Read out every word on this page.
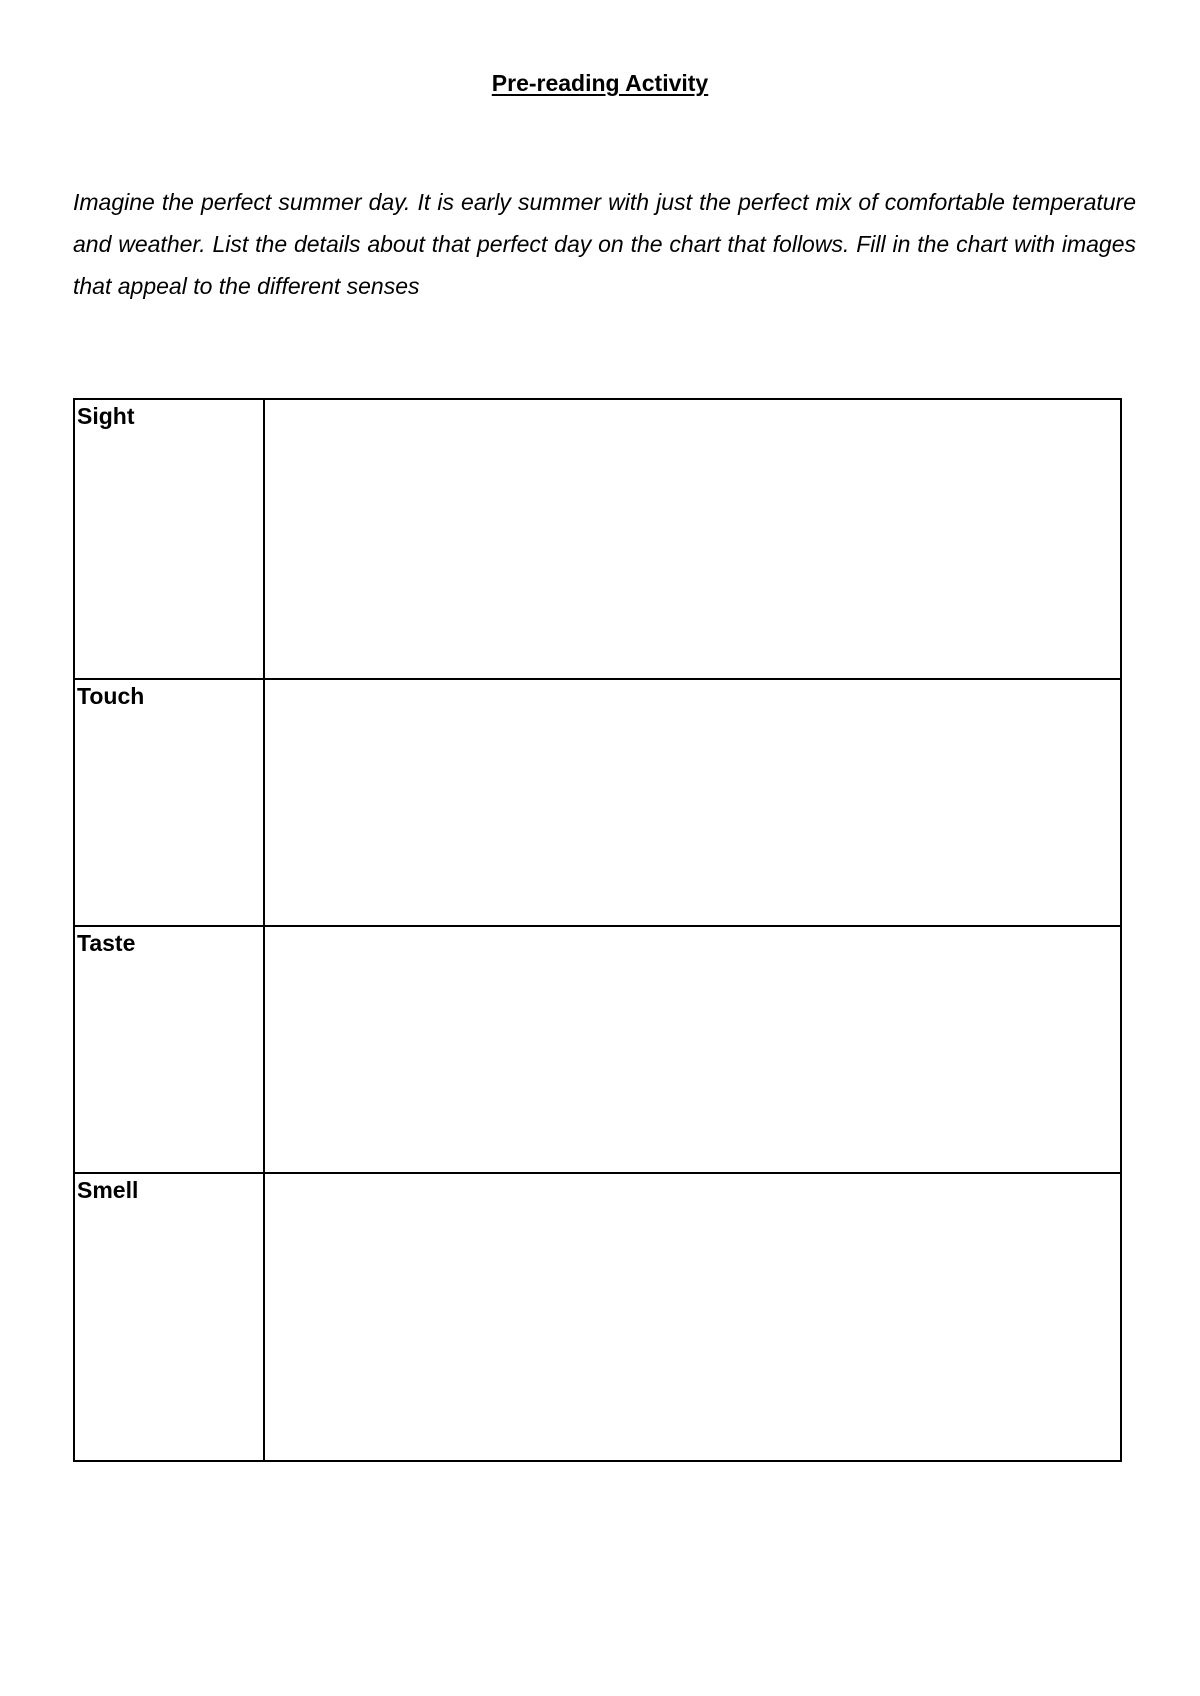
Pre-reading Activity

Imagine the perfect summer day. It is early summer with just the perfect mix of comfortable temperature and weather. List the details about that perfect day on the chart that follows. Fill in the chart with images that appeal to the different senses

Sight	
Touch	
Taste	
Smell	
